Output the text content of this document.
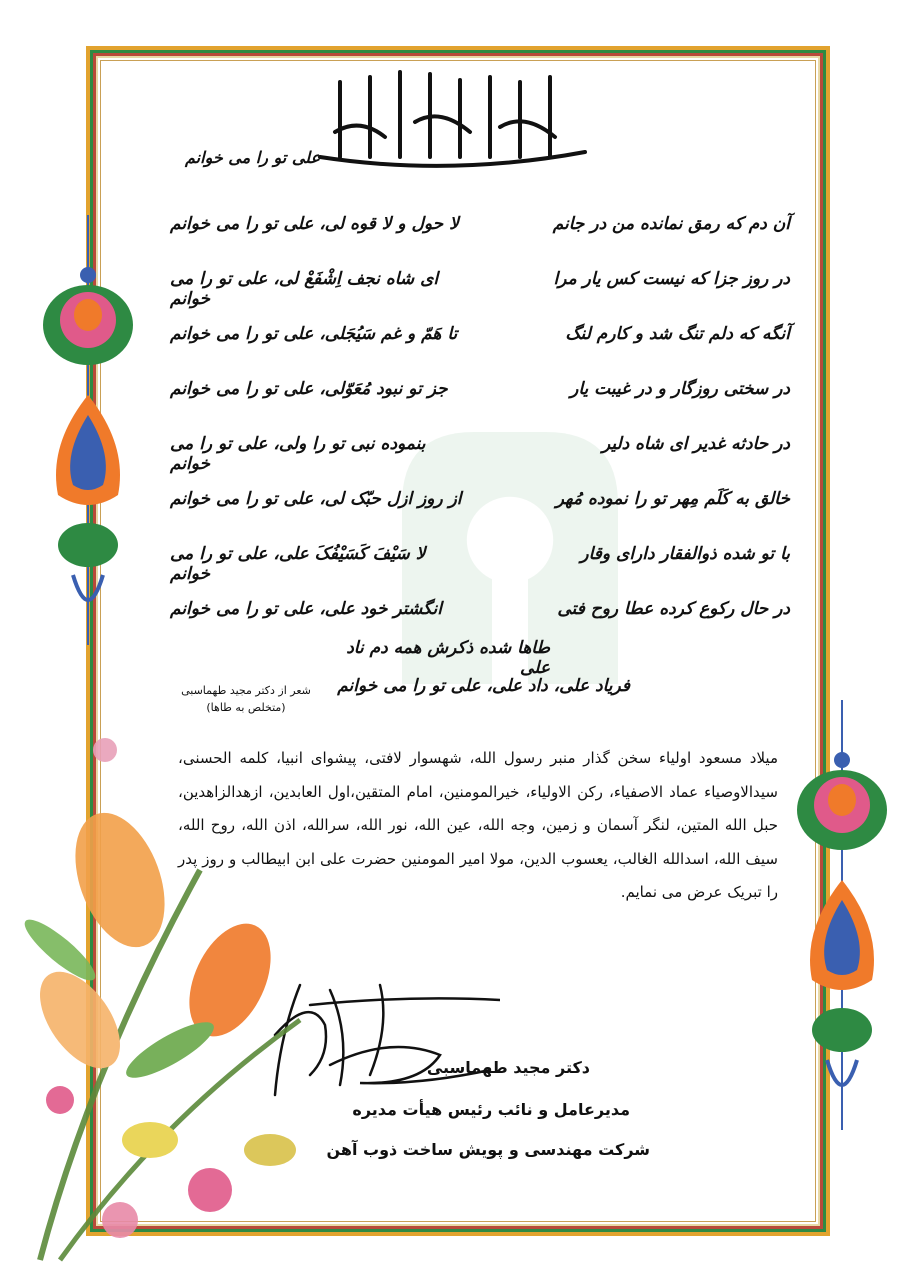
علی تو را می خوانم
آن دم که رمق نمانده من در جانم
لا حول و لا قوه لی، علی تو را می خوانم
در روز جزا که نیست کس یار مرا
ای شاه نجف اِشْفَعْ لی، علی تو را می خوانم
آنگه که دلم تنگ شد و کارم لنگ
تا هَمّ و غم سَیُجَلی، علی تو را می خوانم
در سختی روزگار و در غیبت یار
جز تو نبود مُعَوّلی، علی تو را می خوانم
در حادثه غدیر ای شاه دلیر
بنموده نبی تو را ولی، علی تو را می خوانم
خالق به کَلَم مِهر تو را نموده مُهر
از روز ازل حبّک لی، علی تو را می خوانم
با تو شده ذوالفقار دارای وقار
لا سَیْفَ کَسَیْفُکَ علی، علی تو را می خوانم
در حال رکوع کرده عطا روح فتی
انگشتر خود علی، علی تو را می خوانم
طاها شده ذکرش همه دم ناد علی
فریاد علی، داد علی، علی تو را می خوانم
شعر از دکتر مجید طهماسبی
(متخلص به طاها)
میلاد مسعود اولیاء سخن گذار منبر رسول الله، شهسوار لافتی، پیشوای انبیا، کلمه الحسنی، سیدالاوصیاء عماد الاصفیاء، رکن الاولیاء، خیرالمومنین، امام المتقین،اول العابدین، ازهدالزاهدین، حبل الله المتین، لنگر آسمان و زمین، وجه الله، عین الله، نور الله، سرالله، اذن الله، روح الله، سیف الله، اسدالله الغالب، یعسوب الدین، مولا امیر المومنین حضرت علی ابن ابیطالب و روز پدر را تبریک عرض می نمایم.
دکتر مجید طهماسبی
مدیرعامل و نائب رئیس هیأت مدیره
شرکت مهندسی و پویش ساخت ذوب آهن
